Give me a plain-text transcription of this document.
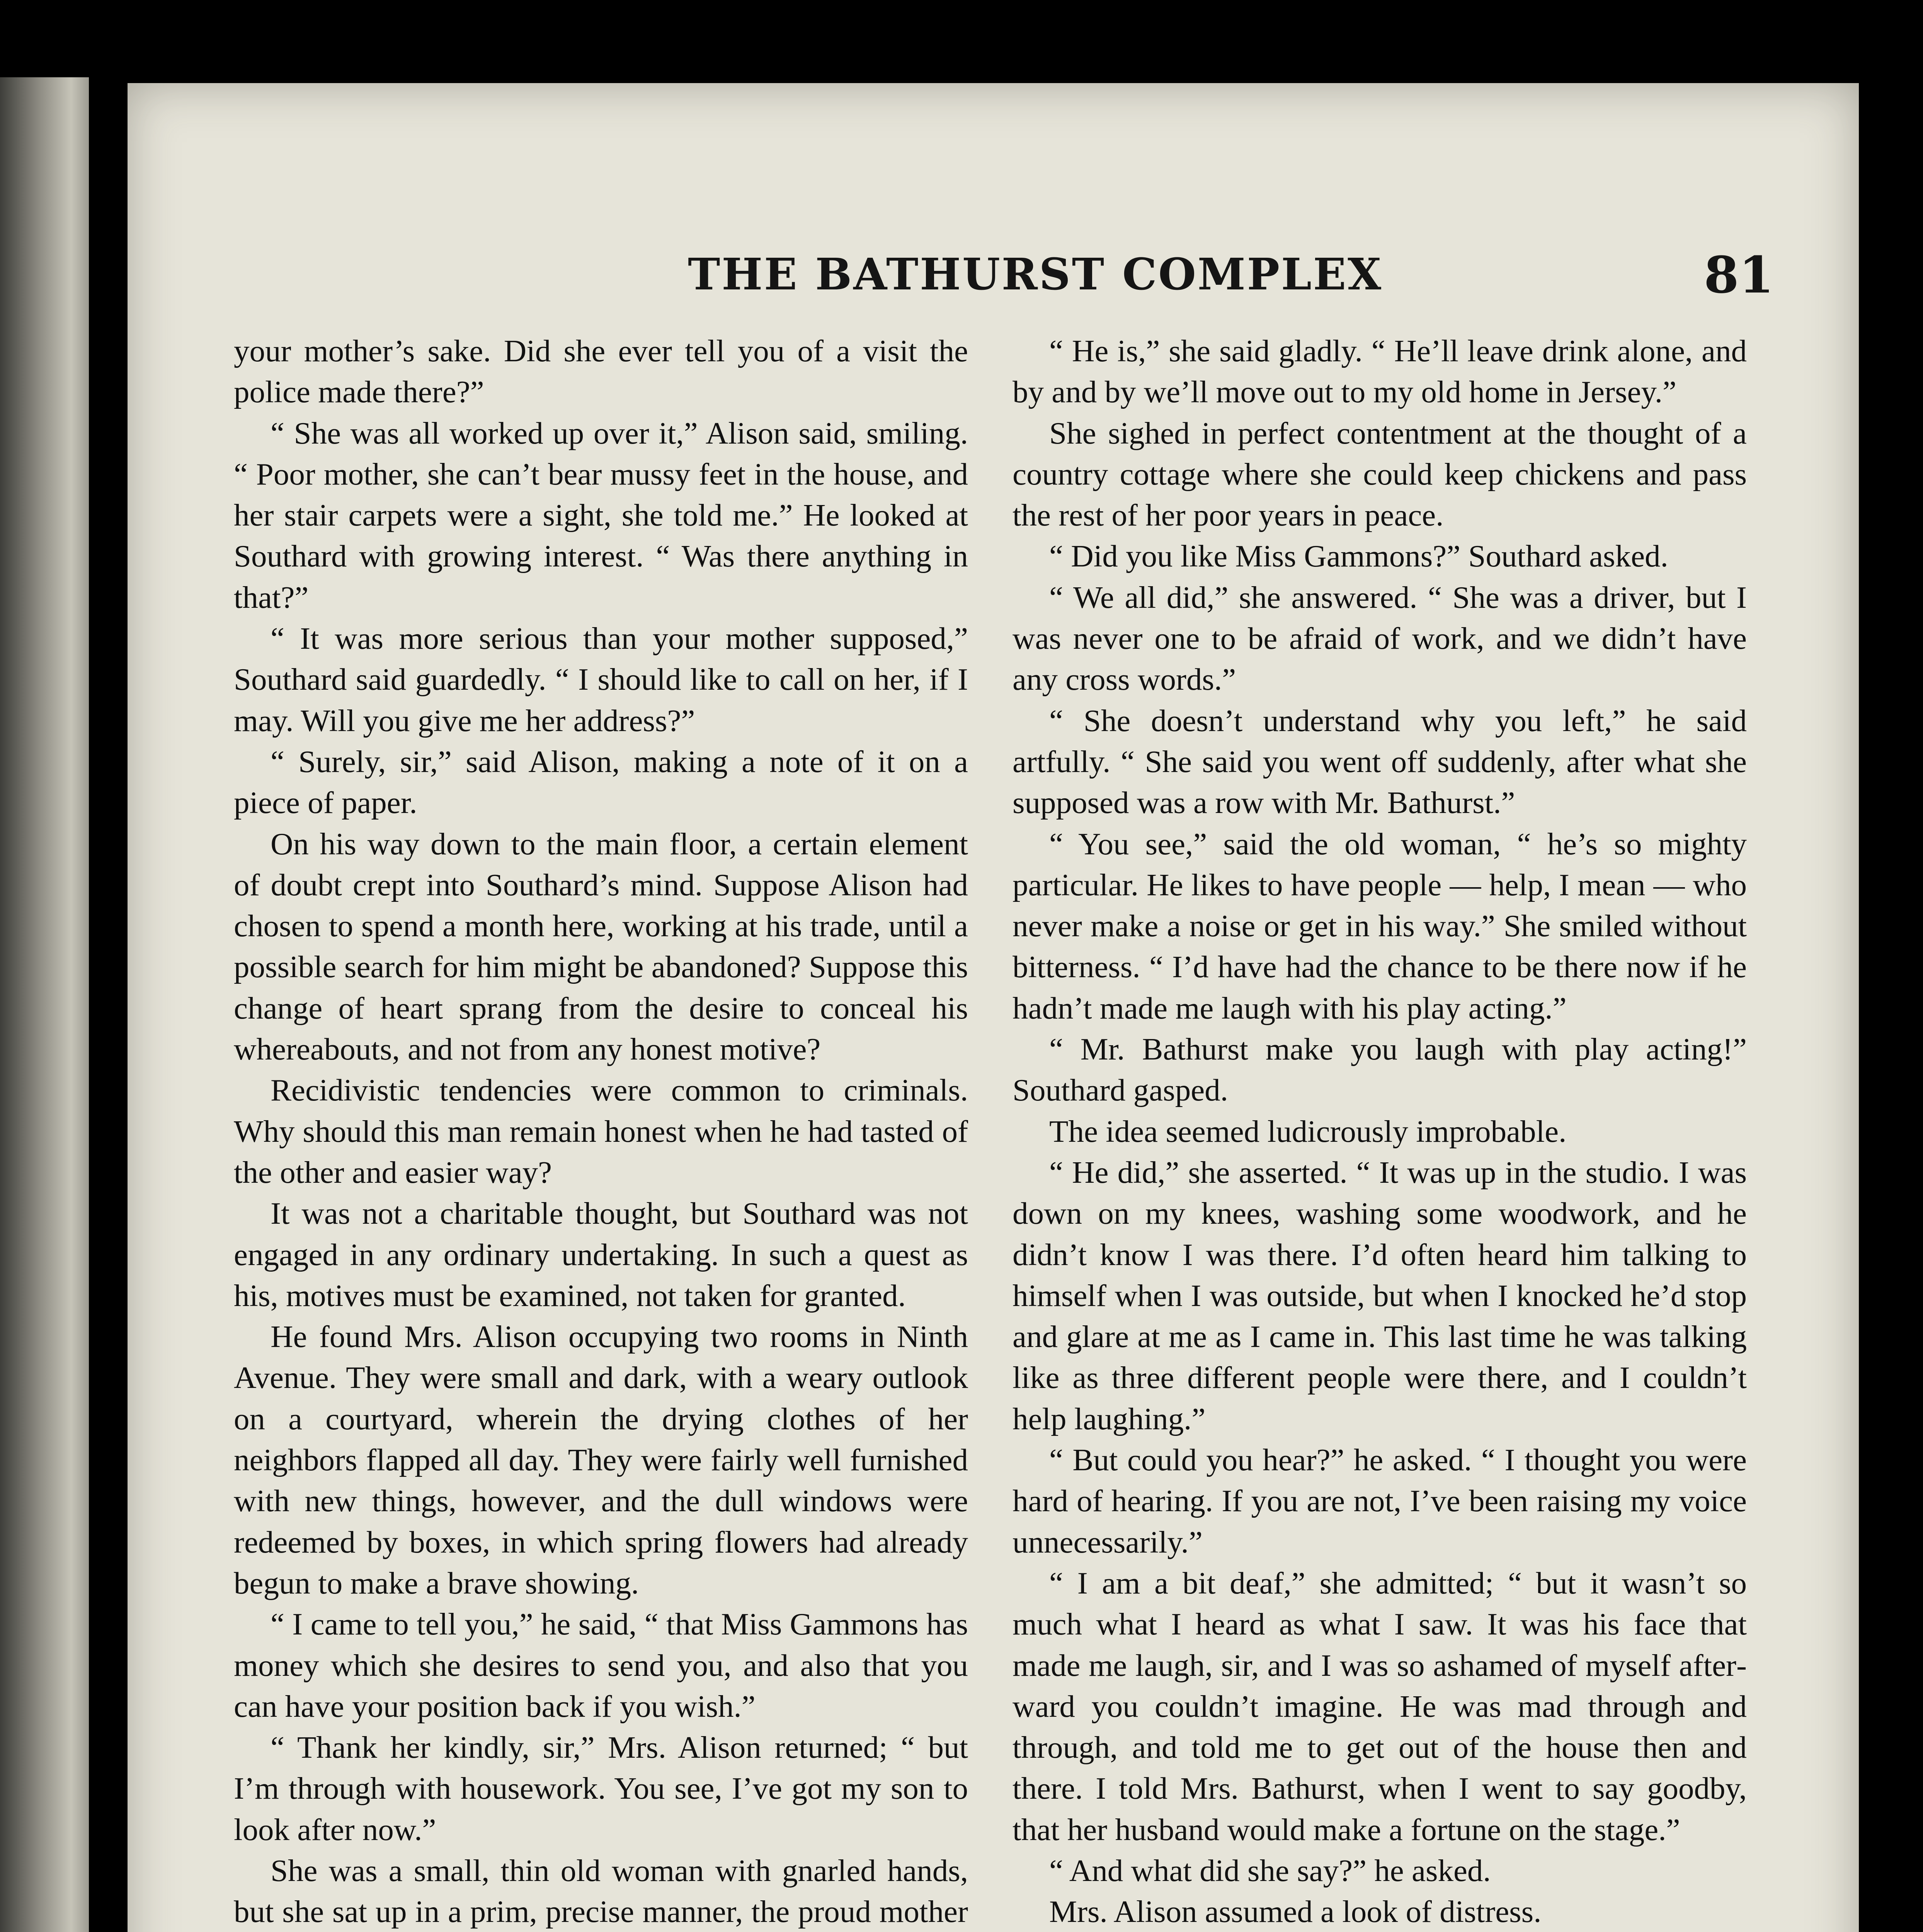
THE BATHURST COMPLEX	81

your mother’s sake. Did she ever tell you of a visit the police made there?”

“ She was all worked up over it,” Alison said, smiling. “ Poor mother, she can’t bear mussy feet in the house, and her stair carpets were a sight, she told me.” He looked at Southard with growing interest. “ Was there anything in that?”

“ It was more serious than your mother supposed,” Southard said guardedly. “ I should like to call on her, if I may. Will you give me her address?”

“ Surely, sir,” said Alison, making a note of it on a piece of paper.

On his way down to the main floor, a certain element of doubt crept into Southard’s mind. Suppose Alison had chosen to spend a month here, working at his trade, until a possible search for him might be abandoned? Suppose this change of heart sprang from the desire to conceal his whereabouts, and not from any honest motive?

Recidivistic tendencies were common to criminals. Why should this man remain honest when he had tasted of the other and easier way?

It was not a charitable thought, but Southard was not engaged in any ordinary undertaking. In such a quest as his, motives must be examined, not taken for granted.

He found Mrs. Alison occupying two rooms in Ninth Avenue. They were small and dark, with a weary outlook on a courtyard, wherein the drying clothes of her neighbors flapped all day. They were fairly well furnished with new things, however, and the dull windows were redeemed by boxes, in which spring flowers had already begun to make a brave showing.

“ I came to tell you,” he said, “ that Miss Gammons has money which she desires to send you, and also that you can have your position back if you wish.”

“ Thank her kindly, sir,” Mrs. Alison returned; “ but I’m through with housework. You see, I’ve got my son to look after now.”

She was a small, thin old woman with gnarled hands, but she sat up in a prim, precise manner, the proud mother

“ He is,” she said gladly. “ He’ll leave drink alone, and by and by we’ll move out to my old home in Jersey.”

She sighed in perfect contentment at the thought of a country cottage where she could keep chickens and pass the rest of her poor years in peace.

“ Did you like Miss Gammons?” Southard asked.

“ We all did,” she answered. “ She was a driver, but I was never one to be afraid of work, and we didn’t have any cross words.”

“ She doesn’t understand why you left,” he said artfully. “ She said you went off suddenly, after what she supposed was a row with Mr. Bathurst.”

“ You see,” said the old woman, “ he’s so mighty particular. He likes to have people — help, I mean — who never make a noise or get in his way.” She smiled without bitterness. “ I’d have had the chance to be there now if he hadn’t made me laugh with his play acting.”

“ Mr. Bathurst make you laugh with play acting!” Southard gasped.

The idea seemed ludicrously improbable.

“ He did,” she asserted. “ It was up in the studio. I was down on my knees, washing some woodwork, and he didn’t know I was there. I’d often heard him talking to himself when I was outside, but when I knocked he’d stop and glare at me as I came in. This last time he was talking like as three different people were there, and I couldn’t help laughing.”

“ But could you hear?” he asked. “ I thought you were hard of hearing. If you are not, I’ve been raising my voice unnecessarily.”

“ I am a bit deaf,” she admitted; “ but it wasn’t so much what I heard as what I saw. It was his face that made me laugh, sir, and I was so ashamed of myself afterward you couldn’t imagine. He was mad through and through, and told me to get out of the house then and there. I told Mrs. Bathurst, when I went to say goodby, that her husband would make a fortune on the stage.”

“ And what did she say?” he asked.

Mrs. Alison assumed a look of distress.
